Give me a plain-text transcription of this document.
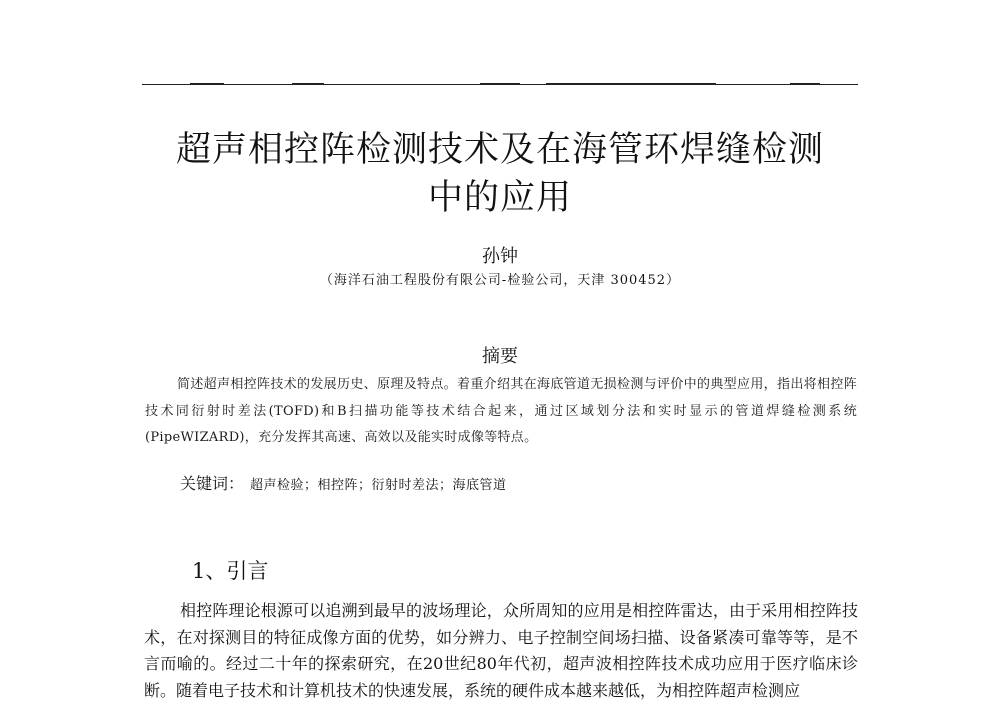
超声相控阵检测技术及在海管环焊缝检测
中的应用
孙钟
（海洋石油工程股份有限公司-检验公司，天津 300452）
摘要
简述超声相控阵技术的发展历史、原理及特点。着重介绍其在海底管道无损检测与评价中的典型应用，指出将相控阵技术同衍射时差法(TOFD)和B扫描功能等技术结合起来，通过区域划分法和实时显示的管道焊缝检测系统(PipeWIZARD)，充分发挥其高速、高效以及能实时成像等特点。
关键词： 超声检验；相控阵；衍射时差法；海底管道
1、引言
相控阵理论根源可以追溯到最早的波场理论，众所周知的应用是相控阵雷达，由于采用相控阵技术，在对探测目的特征成像方面的优势，如分辨力、电子控制空间场扫描、设备紧凑可靠等等，是不言而喻的。经过二十年的探索研究，在20世纪80年代初，超声波相控阵技术成功应用于医疗临床诊断。随着电子技术和计算机技术的快速发展，系统的硬件成本越来越低，为相控阵超声检测应
